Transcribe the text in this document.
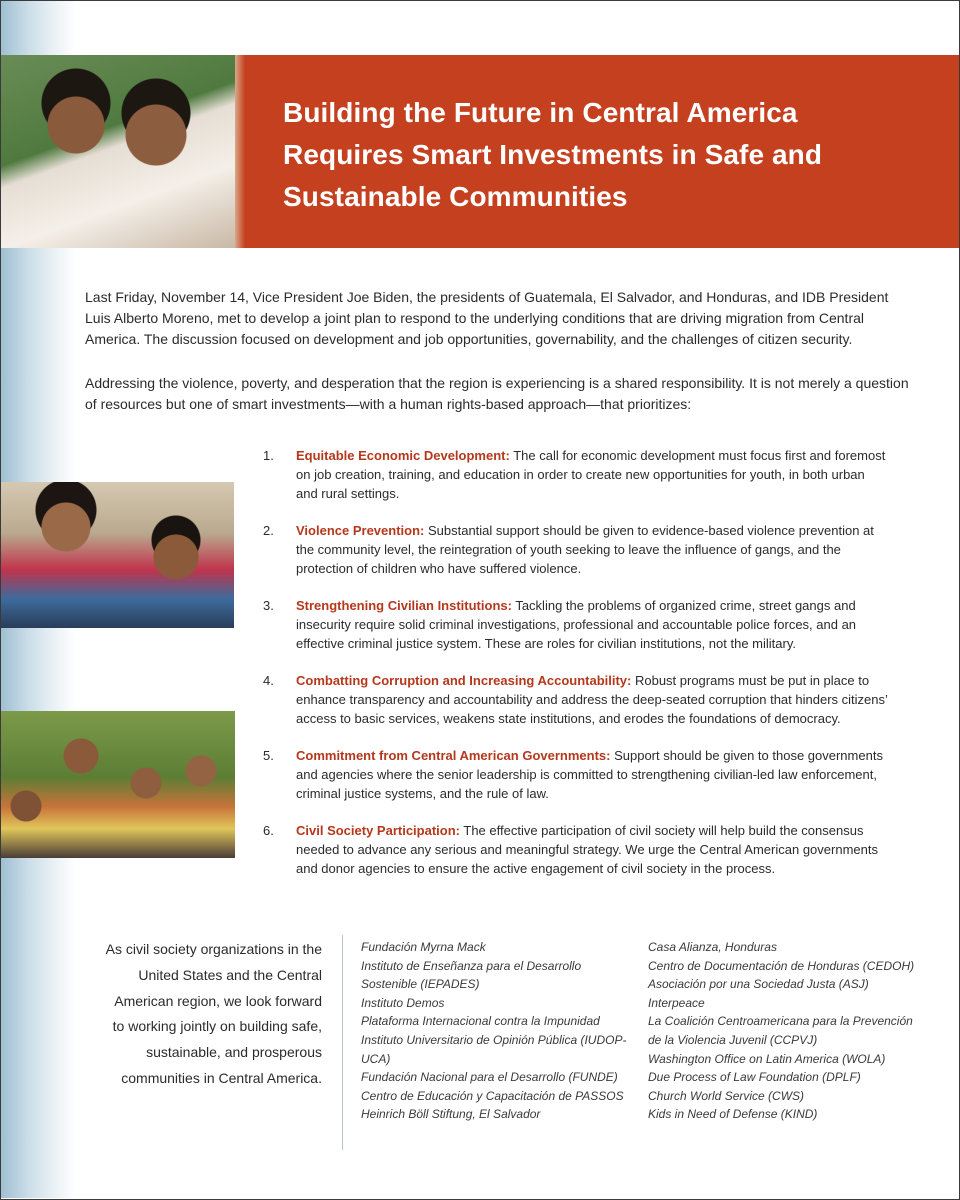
Building the Future in Central America
Requires Smart Investments in Safe and
Sustainable Communities

Last Friday, November 14, Vice President Joe Biden, the presidents of Guatemala, El Salvador, and Honduras, and IDB President Luis Alberto Moreno, met to develop a joint plan to respond to the underlying conditions that are driving migration from Central America. The discussion focused on development and job opportunities, governability, and the challenges of citizen security.

Addressing the violence, poverty, and desperation that the region is experiencing is a shared responsibility. It is not merely a question of resources but one of smart investments—with a human rights-based approach—that prioritizes:

1. Equitable Economic Development: The call for economic development must focus first and foremost on job creation, training, and education in order to create new opportunities for youth, in both urban and rural settings.
2. Violence Prevention: Substantial support should be given to evidence-based violence prevention at the community level, the reintegration of youth seeking to leave the influence of gangs, and the protection of children who have suffered violence.
3. Strengthening Civilian Institutions: Tackling the problems of organized crime, street gangs and insecurity require solid criminal investigations, professional and accountable police forces, and an effective criminal justice system. These are roles for civilian institutions, not the military.
4. Combatting Corruption and Increasing Accountability: Robust programs must be put in place to enhance transparency and accountability and address the deep-seated corruption that hinders citizens’ access to basic services, weakens state institutions, and erodes the foundations of democracy.
5. Commitment from Central American Governments: Support should be given to those governments and agencies where the senior leadership is committed to strengthening civilian-led law enforcement, criminal justice systems, and the rule of law.
6. Civil Society Participation: The effective participation of civil society will help build the consensus needed to advance any serious and meaningful strategy. We urge the Central American governments and donor agencies to ensure the active engagement of civil society in the process.

As civil society organizations in the United States and the Central American region, we look forward to working jointly on building safe, sustainable, and prosperous communities in Central America.

Fundación Myrna Mack
Instituto de Enseñanza para el Desarrollo Sostenible (IEPADES)
Instituto Demos
Plataforma Internacional contra la Impunidad
Instituto Universitario de Opinión Pública (IUDOP-UCA)
Fundación Nacional para el Desarrollo (FUNDE)
Centro de Educación y Capacitación de PASSOS
Heinrich Böll Stiftung, El Salvador
Casa Alianza, Honduras
Centro de Documentación de Honduras (CEDOH)
Asociación por una Sociedad Justa (ASJ)
Interpeace
La Coalición Centroamericana para la Prevención de la Violencia Juvenil (CCPVJ)
Washington Office on Latin America (WOLA)
Due Process of Law Foundation (DPLF)
Church World Service (CWS)
Kids in Need of Defense (KIND)
